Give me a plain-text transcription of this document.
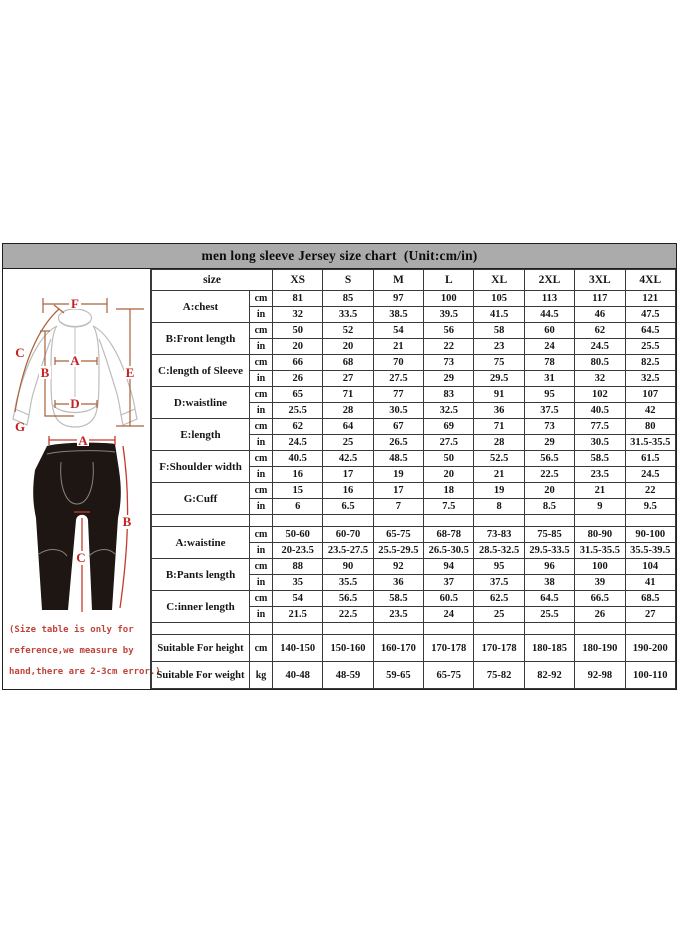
men long sleeve Jersey size chart  (Unit:cm/in)
F
C
A
B	E
D
G
A
B
C
(Size table is only for
reference,we measure by
hand,there are 2-3cm error.)
size		XS	S	M	L	XL	2XL	3XL	4XL
A:chest	cm	81	85	97	100	105	113	117	121
	in	32	33.5	38.5	39.5	41.5	44.5	46	47.5
B:Front length	cm	50	52	54	56	58	60	62	64.5
	in	20	20	21	22	23	24	24.5	25.5
C:length of Sleeve	cm	66	68	70	73	75	78	80.5	82.5
	in	26	27	27.5	29	29.5	31	32	32.5
D:waistline	cm	65	71	77	83	91	95	102	107
	in	25.5	28	30.5	32.5	36	37.5	40.5	42
E:length	cm	62	64	67	69	71	73	77.5	80
	in	24.5	25	26.5	27.5	28	29	30.5	31.5-35.5
F:Shoulder width	cm	40.5	42.5	48.5	50	52.5	56.5	58.5	61.5
	in	16	17	19	20	21	22.5	23.5	24.5
G:Cuff	cm	15	16	17	18	19	20	21	22
	in	6	6.5	7	7.5	8	8.5	9	9.5

A:waistine	cm	50-60	60-70	65-75	68-78	73-83	75-85	80-90	90-100
	in	20-23.5	23.5-27.5	25.5-29.5	26.5-30.5	28.5-32.5	29.5-33.5	31.5-35.5	35.5-39.5
B:Pants length	cm	88	90	92	94	95	96	100	104
	in	35	35.5	36	37	37.5	38	39	41
C:inner length	cm	54	56.5	58.5	60.5	62.5	64.5	66.5	68.5
	in	21.5	22.5	23.5	24	25	25.5	26	27

Suitable For height	cm	140-150	150-160	160-170	170-178	170-178	180-185	180-190	190-200
Suitable For weight	kg	40-48	48-59	59-65	65-75	75-82	82-92	92-98	100-110
